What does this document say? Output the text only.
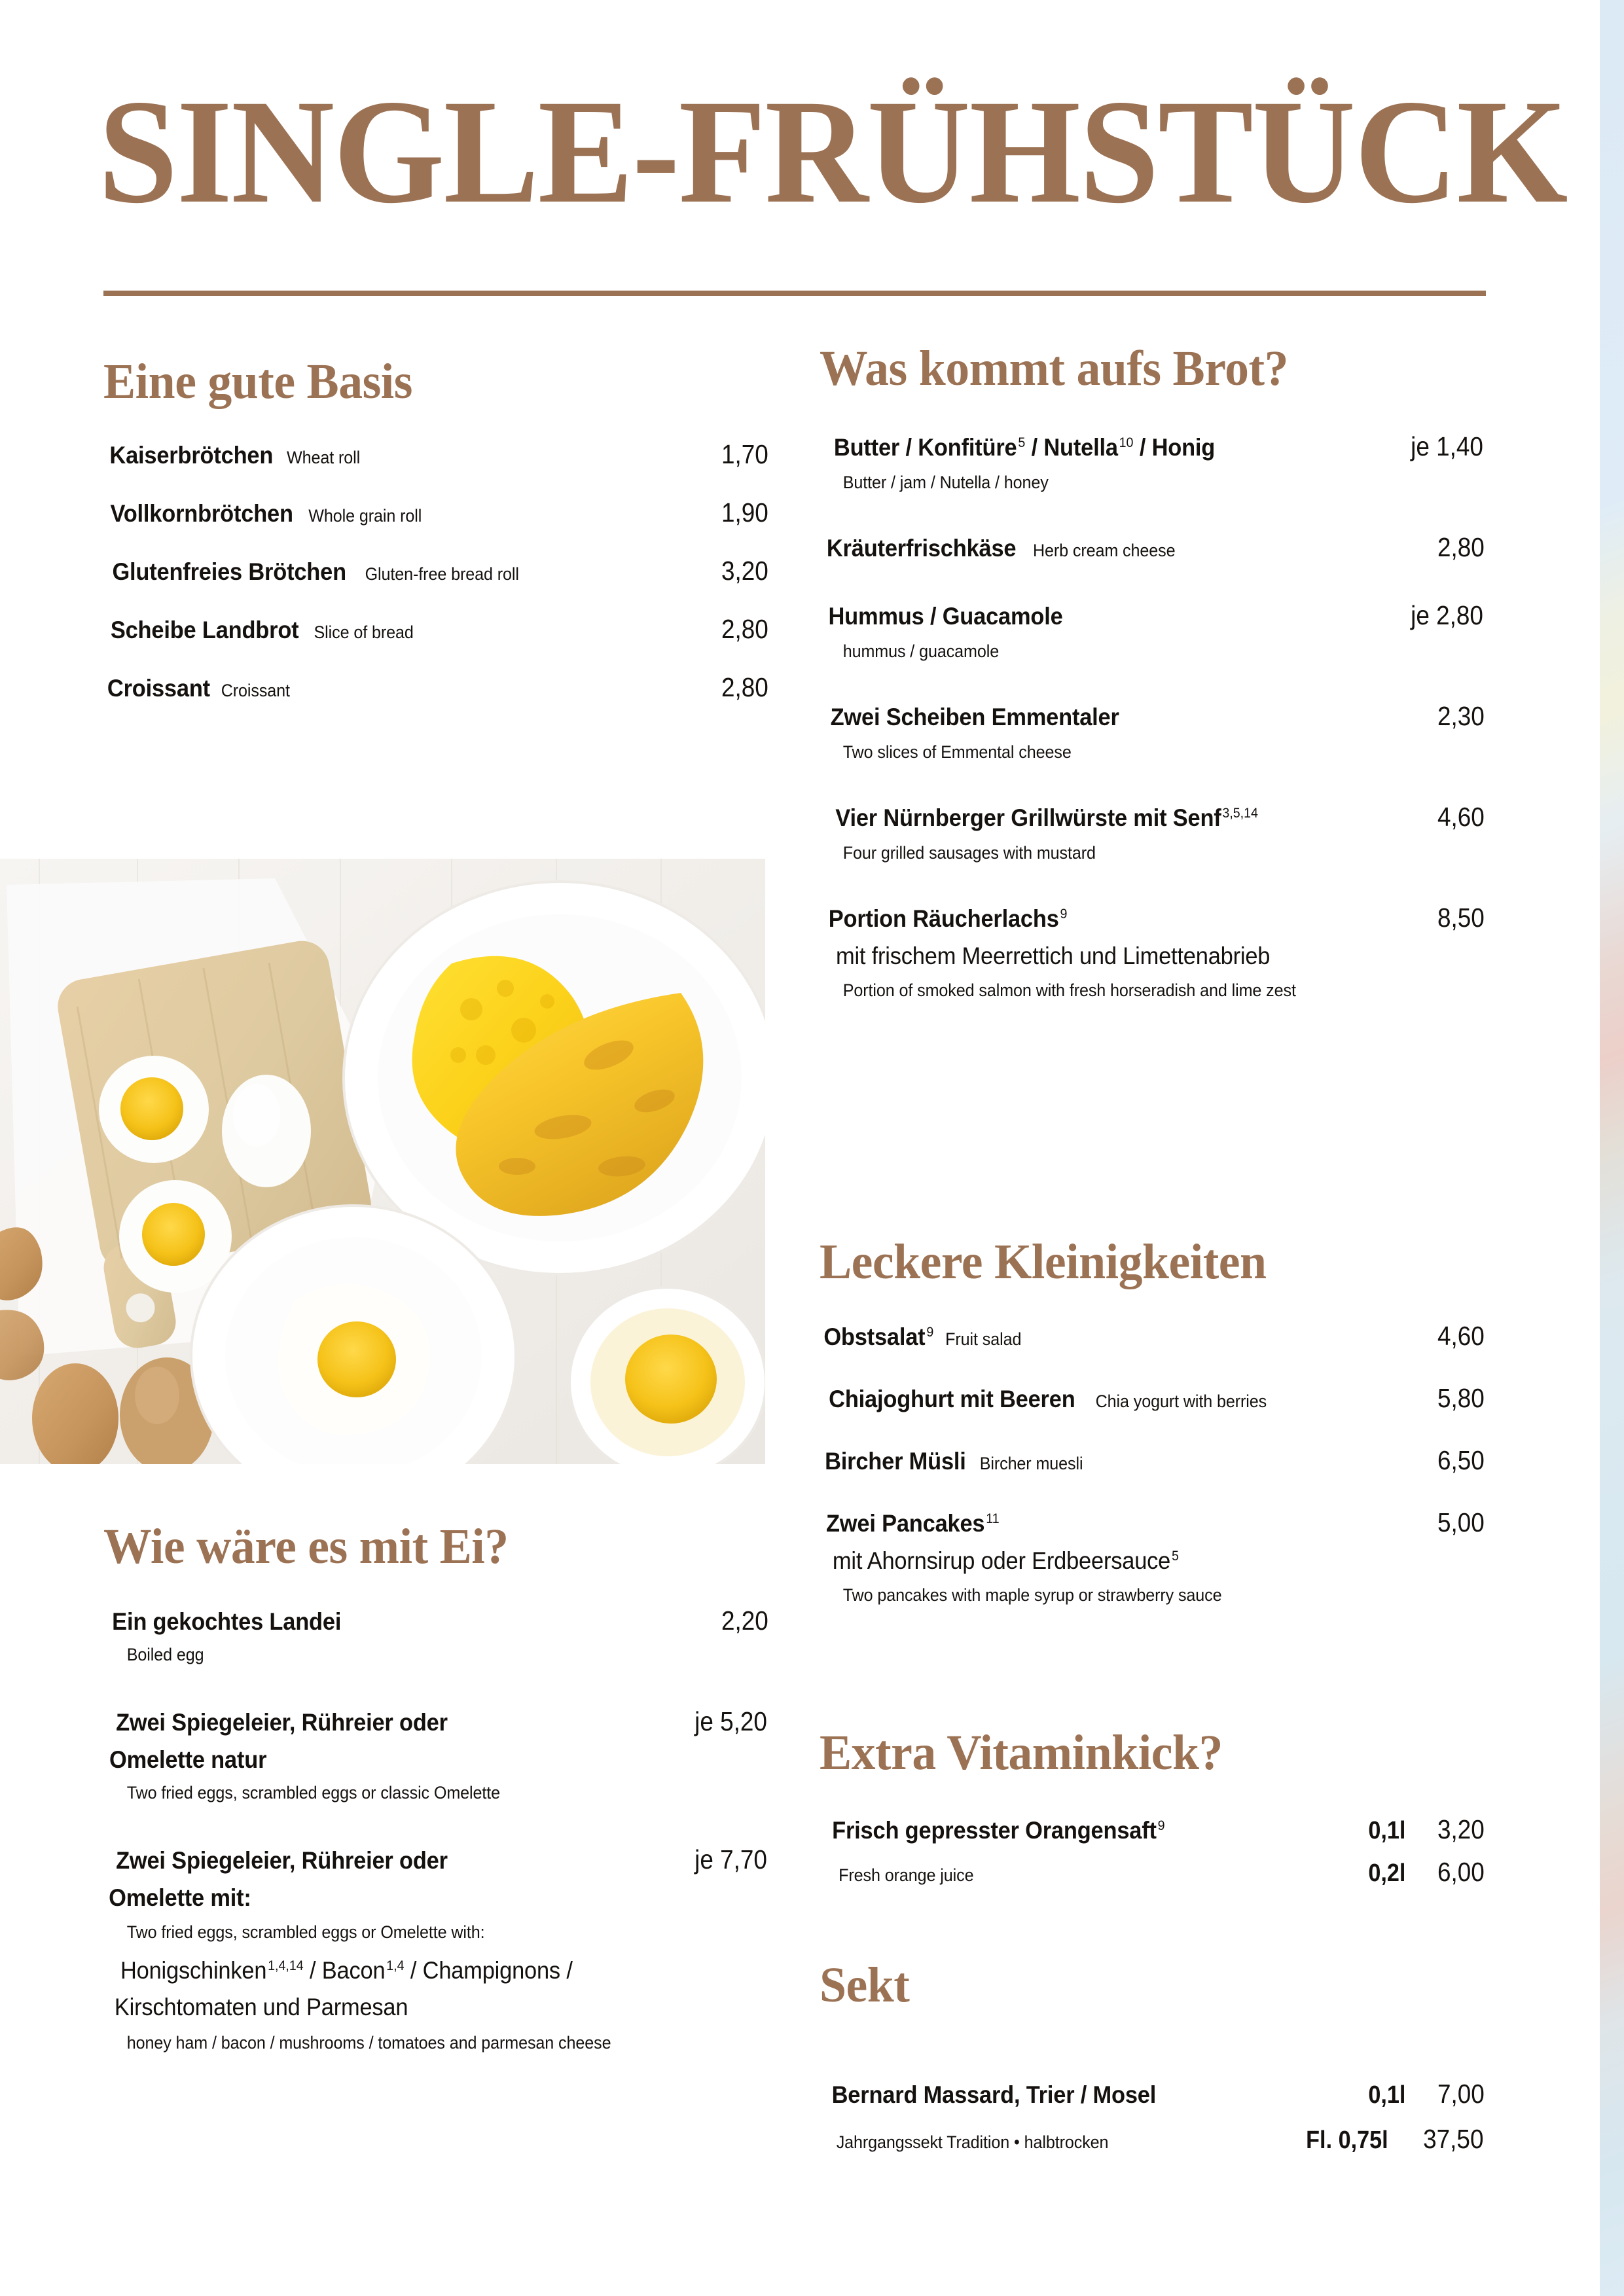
SINGLE-FRÜHSTÜCK
Eine gute Basis
Kaiserbrötchen Wheat roll	1,70
Vollkornbrötchen Whole grain roll	1,90
Glutenfreies Brötchen Gluten-free bread roll	3,20
Scheibe Landbrot Slice of bread	2,80
Croissant Croissant	2,80
Wie wäre es mit Ei?
Ein gekochtes Landei	2,20
Boiled egg
Zwei Spiegeleier, Rühreier oder	je 5,20
Omelette natur
Two fried eggs, scrambled eggs or classic Omelette
Zwei Spiegeleier, Rühreier oder	je 7,70
Omelette mit:
Two fried eggs, scrambled eggs or Omelette with:
Honigschinken$^{1,4,14}$ / Bacon$^{1,4}$ / Champignons /
Kirschtomaten und Parmesan
honey ham / bacon / mushrooms / tomatoes and parmesan cheese
Was kommt aufs Brot?
Butter / Konfitüre$^5$ / Nutella$^{10}$ / Honig	je 1,40
Butter / jam / Nutella / honey
Kräuterfrischkäse Herb cream cheese	2,80
Hummus / Guacamole	je 2,80
hummus / guacamole
Zwei Scheiben Emmentaler	2,30
Two slices of Emmental cheese
Vier Nürnberger Grillwürste mit Senf$^{3,5,14}$	4,60
Four grilled sausages with mustard
Portion Räucherlachs$^9$	8,50
mit frischem Meerrettich und Limettenabrieb
Portion of smoked salmon with fresh horseradish and lime zest
Leckere Kleinigkeiten
Obstsalat$^9$ Fruit salad	4,60
Chiajoghurt mit Beeren Chia yogurt with berries	5,80
Bircher Müsli Bircher muesli	6,50
Zwei Pancakes$^{11}$	5,00
mit Ahornsirup oder Erdbeersauce$^5$
Two pancakes with maple syrup or strawberry sauce
Extra Vitaminkick?
Frisch gepresster Orangensaft$^9$	0,1l	3,20
Fresh orange juice	0,2l	6,00
Sekt
Bernard Massard, Trier / Mosel	0,1l	7,00
Jahrgangssekt Tradition • halbtrocken	Fl. 0,75l	37,50
